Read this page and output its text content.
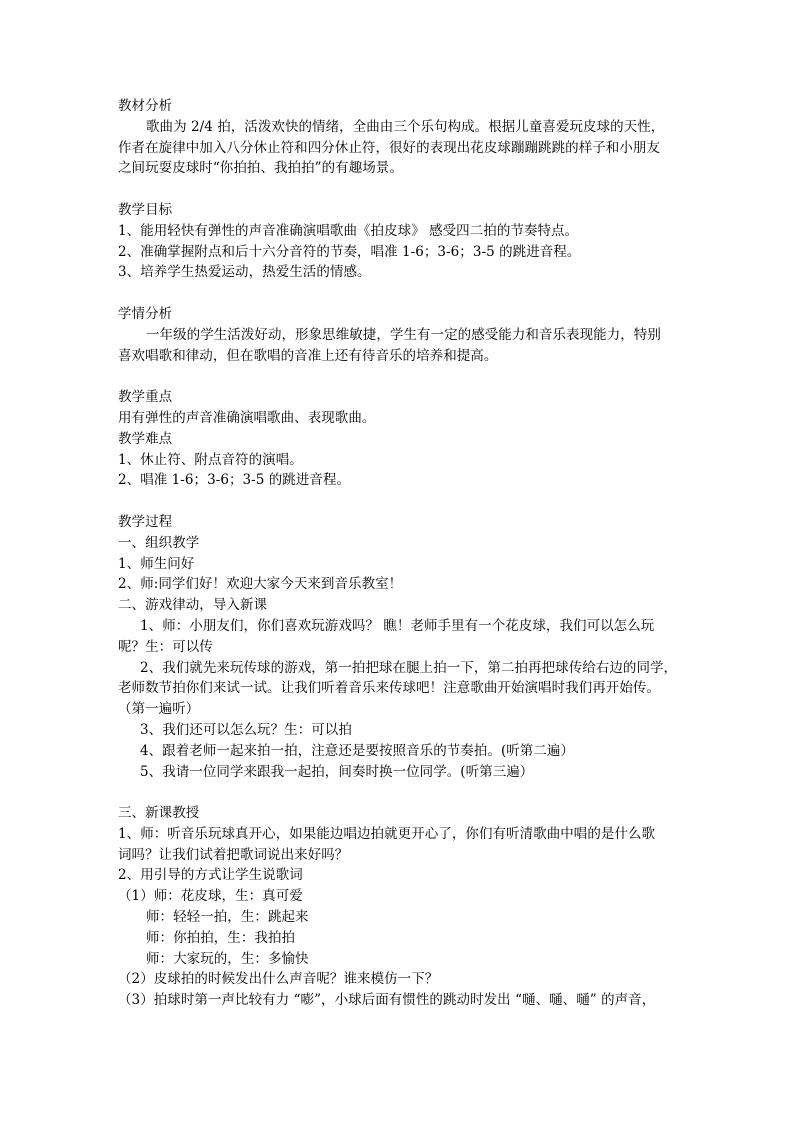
教材分析
歌曲为 2/4 拍，活泼欢快的情绪，全曲由三个乐句构成。根据儿童喜爱玩皮球的天性，
作者在旋律中加入八分休止符和四分休止符，很好的表现出花皮球蹦蹦跳跳的样子和小朋友
之间玩耍皮球时“你拍拍、我拍拍”的有趣场景。
教学目标
1、能用轻快有弹性的声音准确演唱歌曲《拍皮球》 感受四二拍的节奏特点。
2、准确掌握附点和后十六分音符的节奏，唱准 1-6；3-6；3-5 的跳进音程。
3、培养学生热爱运动，热爱生活的情感。
学情分析
一年级的学生活泼好动，形象思维敏捷，学生有一定的感受能力和音乐表现能力，特别
喜欢唱歌和律动，但在歌唱的音准上还有待音乐的培养和提高。
教学重点
用有弹性的声音准确演唱歌曲、表现歌曲。
教学难点
1、休止符、附点音符的演唱。
2、唱准 1-6；3-6；3-5 的跳进音程。
教学过程
一、组织教学
1、师生问好
2、师:同学们好！欢迎大家今天来到音乐教室！
二、游戏律动，导入新课
1、师：小朋友们，你们喜欢玩游戏吗？ 瞧！老师手里有一个花皮球，我们可以怎么玩
呢？生：可以传
2、我们就先来玩传球的游戏，第一拍把球在腿上拍一下，第二拍再把球传给右边的同学，
老师数节拍你们来试一试。让我们听着音乐来传球吧！注意歌曲开始演唱时我们再开始传。
（第一遍听）
3、我们还可以怎么玩？生：可以拍
4、跟着老师一起来拍一拍，注意还是要按照音乐的节奏拍。(听第二遍）
5、我请一位同学来跟我一起拍，间奏时换一位同学。(听第三遍）
三、新课教授
1、师：听音乐玩球真开心，如果能边唱边拍就更开心了，你们有听清歌曲中唱的是什么歌
词吗？让我们试着把歌词说出来好吗？
2、用引导的方式让学生说歌词
（1）师：花皮球，生：真可爱
师：轻轻一拍，生：跳起来
师：你拍拍，生：我拍拍
师：大家玩的，生：多愉快
（2）皮球拍的时候发出什么声音呢？谁来模仿一下？
（3）拍球时第一声比较有力 “嘭”，小球后面有惯性的跳动时发出 “嗵、嗵、嗵” 的声音，
